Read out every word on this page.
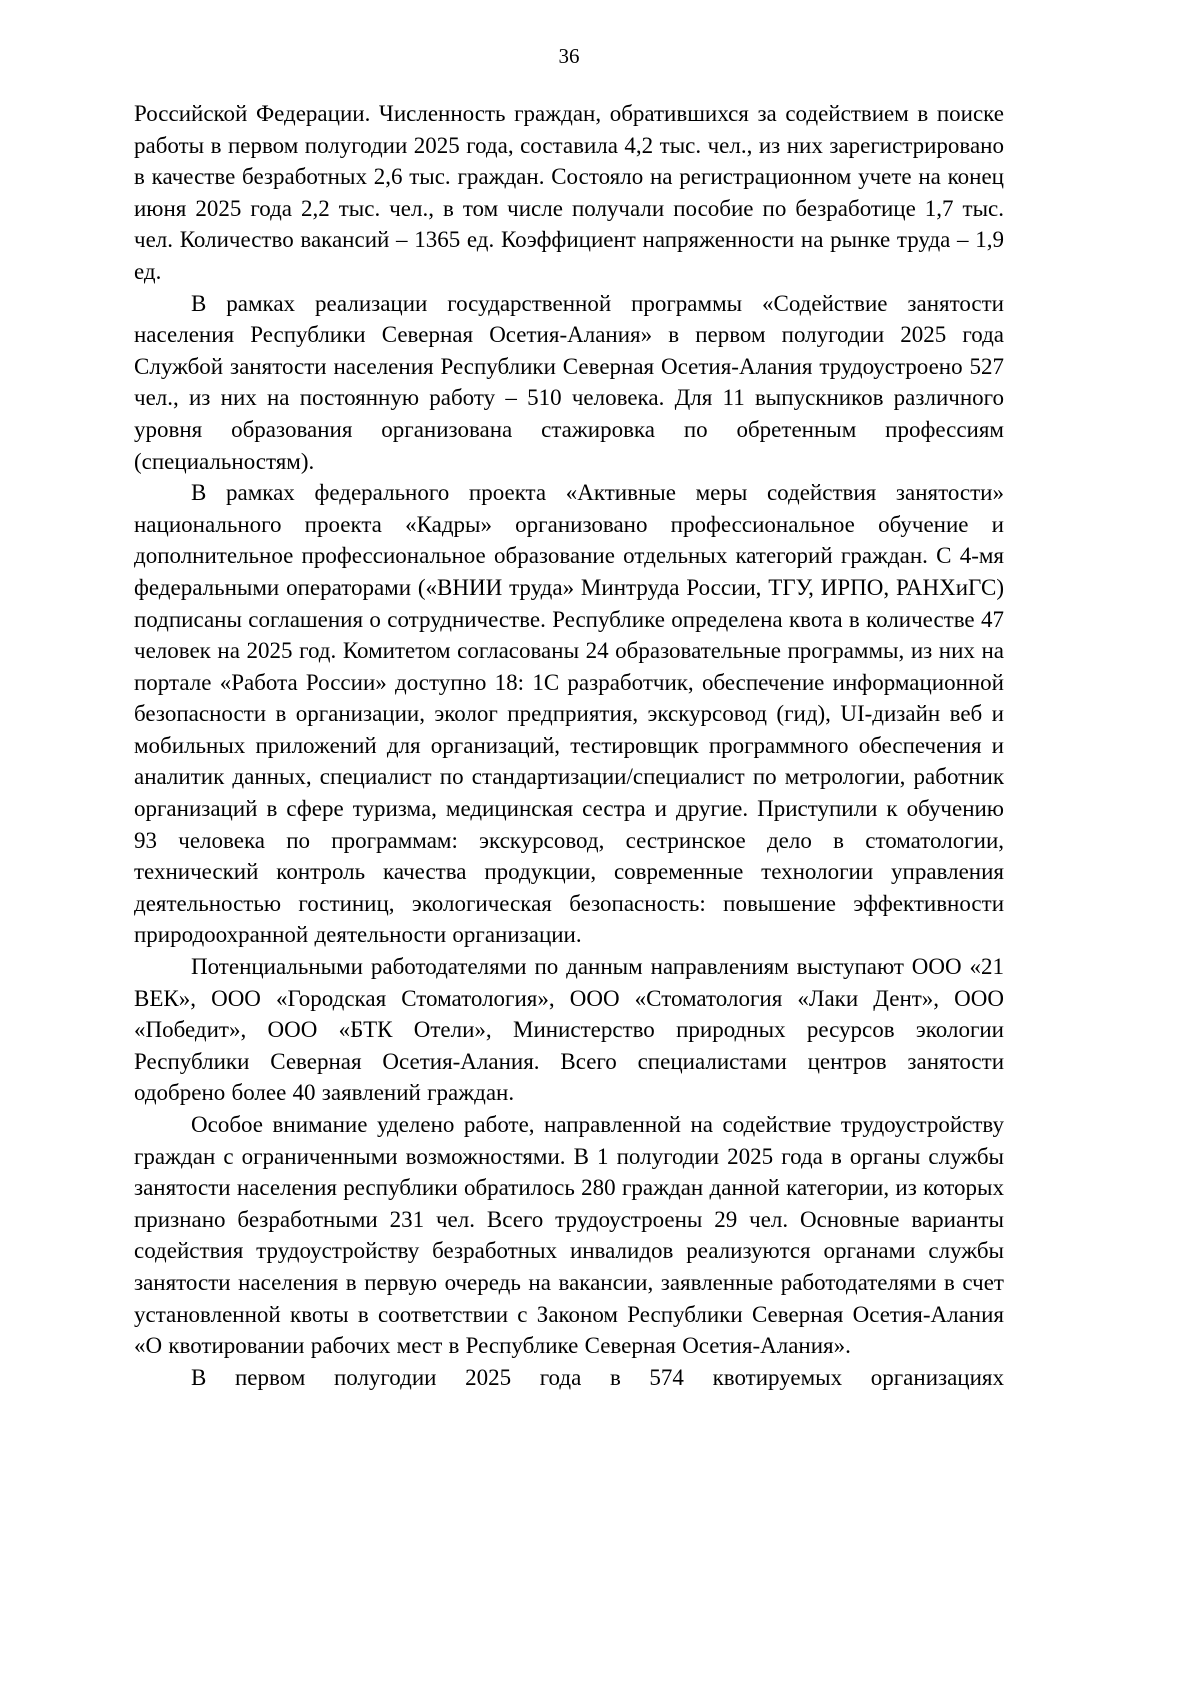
36

Российской Федерации. Численность граждан, обратившихся за содействием в поиске работы в первом полугодии 2025 года, составила 4,2 тыс. чел., из них зарегистрировано в качестве безработных 2,6 тыс. граждан. Состояло на регистрационном учете на конец июня 2025 года 2,2 тыс. чел., в том числе получали пособие по безработице 1,7 тыс. чел. Количество вакансий – 1365 ед. Коэффициент напряженности на рынке труда – 1,9 ед.

В рамках реализации государственной программы «Содействие занятости населения Республики Северная Осетия-Алания» в первом полугодии 2025 года Службой занятости населения Республики Северная Осетия-Алания трудоустроено 527 чел., из них на постоянную работу – 510 человека. Для 11 выпускников различного уровня образования организована стажировка по обретенным профессиям (специальностям).

В рамках федерального проекта «Активные меры содействия занятости» национального проекта «Кадры» организовано профессиональное обучение и дополнительное профессиональное образование отдельных категорий граждан. С 4-мя федеральными операторами («ВНИИ труда» Минтруда России, ТГУ, ИРПО, РАНХиГС) подписаны соглашения о сотрудничестве. Республике определена квота в количестве 47 человек на 2025 год. Комитетом согласованы 24 образовательные программы, из них на портале «Работа России» доступно 18: 1С разработчик, обеспечение информационной безопасности в организации, эколог предприятия, экскурсовод (гид), UI-дизайн веб и мобильных приложений для организаций, тестировщик программного обеспечения и аналитик данных, специалист по стандартизации/специалист по метрологии, работник организаций в сфере туризма, медицинская сестра и другие. Приступили к обучению 93 человека по программам: экскурсовод, сестринское дело в стоматологии, технический контроль качества продукции, современные технологии управления деятельностью гостиниц, экологическая безопасность: повышение эффективности природоохранной деятельности организации.

Потенциальными работодателями по данным направлениям выступают ООО «21 ВЕК», ООО «Городская Стоматология», ООО «Стоматология «Лаки Дент», ООО «Победит», ООО «БТК Отели», Министерство природных ресурсов экологии Республики Северная Осетия-Алания. Всего специалистами центров занятости одобрено более 40 заявлений граждан.

Особое внимание уделено работе, направленной на содействие трудоустройству граждан с ограниченными возможностями. В 1 полугодии 2025 года в органы службы занятости населения республики обратилось 280 граждан данной категории, из которых признано безработными 231 чел. Всего трудоустроены 29 чел. Основные варианты содействия трудоустройству безработных инвалидов реализуются органами службы занятости населения в первую очередь на вакансии, заявленные работодателями в счет установленной квоты в соответствии с Законом Республики Северная Осетия-Алания «О квотировании рабочих мест в Республике Северная Осетия-Алания».

В первом полугодии 2025 года в 574 квотируемых организациях
